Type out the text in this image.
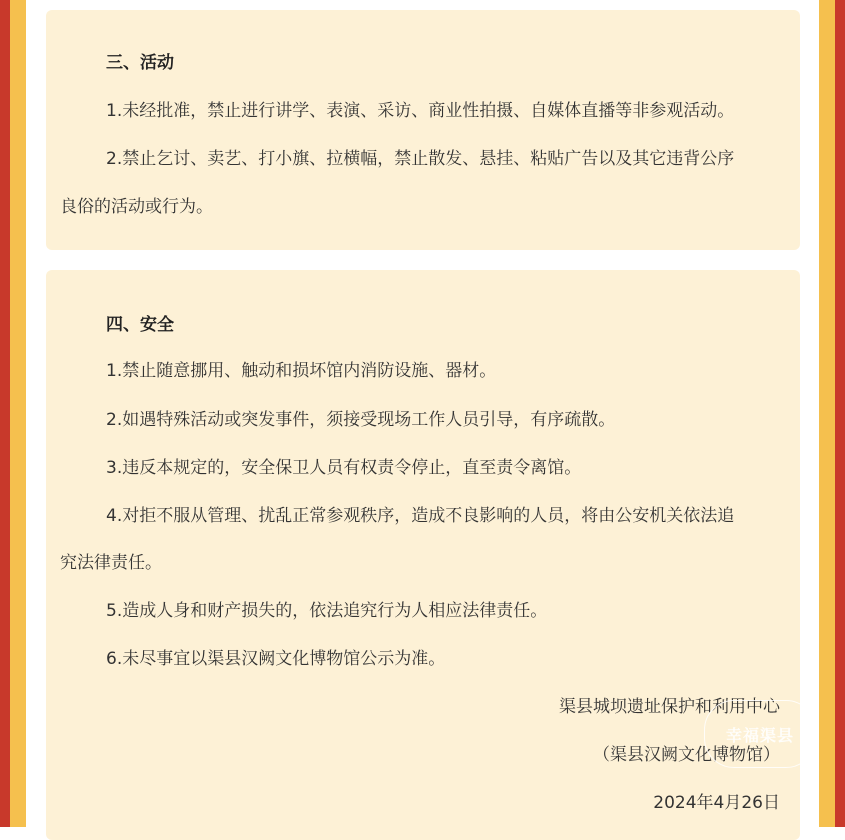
三、活动
1.未经批准，禁止进行讲学、表演、采访、商业性拍摄、自媒体直播等非参观活动。
2.禁止乞讨、卖艺、打小旗、拉横幅，禁止散发、悬挂、粘贴广告以及其它违背公序
良俗的活动或行为。
四、安全
1.禁止随意挪用、触动和损坏馆内消防设施、器材。
2.如遇特殊活动或突发事件，须接受现场工作人员引导，有序疏散。
3.违反本规定的，安全保卫人员有权责令停止，直至责令离馆。
4.对拒不服从管理、扰乱正常参观秩序，造成不良影响的人员，将由公安机关依法追
究法律责任。
5.造成人身和财产损失的，依法追究行为人相应法律责任。
6.未尽事宜以渠县汉阙文化博物馆公示为准。
渠县城坝遗址保护和利用中心
（渠县汉阙文化博物馆）
2024年4月26日
幸福渠县
